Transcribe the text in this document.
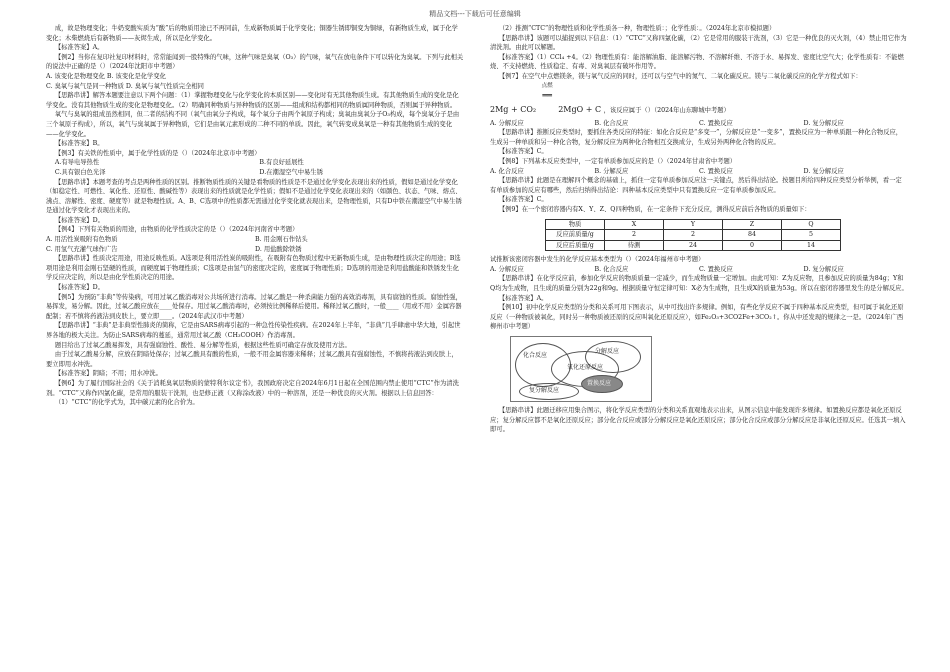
精品文档---下载后可任意编辑

成，故是物理变化；牛奶变酸实质为“酸”后的物质用途已不再同前，生成新物质属于化学变化；铜器生锈即铜变为铜绿，有新物质生成，属于化学变化；木柴燃烧后有新物质——灰烬生成，所以是化学变化。

【标准答案】A。

【例2】当你在复印社复印材料时，常常能闻到一股特殊的气味，这种气味是臭氧（O₃）的气味，氧气在放电条件下可以转化为臭氧。下列与此相关的说法中正确的是（）（2024年沈阳市中考题）

A. 该变化是物理变化 B. 该变化是化学变化

C. 臭氧与氧气是同一种物质 D. 臭氧与氧气性质完全相同

【思路串讲】解答本题要注意以下两个问题：（1）掌握物理变化与化学变化的本质区别——变化时有无其他物质生成。有其他物质生成的变化是化学变化。没有其他物质生成的变化是物理变化。（2）明确同种物质与异种物质的区别——组成和结构都相同的物质属同种物质，否则属于异种物质。

氧气与臭氧的组成虽然相同，但二者的结构不同（氧气由氧分子构成，每个氧分子由两个氧原子构成；臭氧由臭氧分子O₃构成，每个臭氧分子是由三个氧原子构成），所以，氧气与臭氧属于异种物质，它们是由氧元素形成的二种不同的单质。因此，氧气转变成臭氧是一种有其他物质生成的变化——化学变化。

【标准答案】B。

【例3】有关铁的性质中，属于化学性质的是（）（2024年北京市中考题）

A.有导电导热性	B.有良好延展性
C.具有银白色光泽	D.在潮湿空气中易生锈

【思路串讲】本题考查的考点是两种性质的区别。推断物质性质的关键是看物质的性质是不是通过化学变化表现出来的性质，假如是通过化学变化（如稳定性、可燃性、氧化性、还原性、酸碱性等）表现出来的性质就是化学性质；假如不是通过化学变化表现出来的（如颜色、状态、气味、熔点、沸点、溶解性、密度、硬度等）就是物理性质。A、B、C选项中的性质都无需通过化学变化就表现出来，是物理性质，只有D中铁在潮湿空气中易生锈是通过化学变化才表现出来的。

【标准答案】D。

【例4】下列有关物质的用途，由物质的化学性质决定的是（）（2024年河南省中考题）

A. 用活性炭吸附有色物质	B. 用金刚石作钻头
C. 用氢气充灌气球作广告	D. 用盐酸除铁锈

【思路串讲】性质决定用途，用途反映性质。A选项是利用活性炭的吸附性，在吸附有色物质过程中无新物质生成，是由物理性质决定的用途；B选项用途是利用金刚石坚硬的性质，而硬度属于物理性质；C选项是由氢气的密度决定的，密度属于物理性质；D选项的用途是利用盐酸能和铁锈发生化学反应决定的，所以是由化学性质决定的用途。

【标准答案】D。

【例5】为预防“非典”等传染病，可用过氧乙酸消毒对公共场所进行消毒。过氧乙酸是一种杀菌能力强的高效消毒剂，具有腐蚀的性质。腐蚀性强，易挥发，易分解。因此，过氧乙酸应放在____处保存。用过氧乙酸消毒时，必须按比例稀释后使用。稀释过氧乙酸时，一般____（用或不用）金属容器配制；若不慎将药液沾到皮肤上，要立即____。（2024年武汉市中考题）

【思路串讲】“非典”是非典型性肺炎的简称，它是由SARS病毒引起的一种急性传染性疾病。在2024年上半年，“非典”几乎肆虐中华大地，引起世界各地的极大关注。为防止SARS病毒的蔓延，通常用过氧乙酸（CH₃COOH）作消毒剂。

题目给出了过氧乙酸易挥发，具有强腐蚀性、酸性、易分解等性质，根据这些性质可确定存放及使用方法。

由于过氧乙酸易分解，应放在阴暗处保存；过氧乙酸具有酸的性质，一般不用金属容器来稀释；过氧乙酸具有强腐蚀性，不慎将药液沾到皮肤上，要立即用水冲洗。

【标准答案】阴暗；不用；用水冲洗。

【例6】为了履行国际社会的《关于消耗臭氧层物质的蒙特利尔议定书》，我国政府决定自2024年6月1日起在全国范围内禁止使用“CTC”作为清洗剂。“CTC”又称作四氯化碳，是常用的服装干洗剂，也是修正液（又称涂改液）中的一种溶剂，还是一种优良的灭火剂。根据以上信息回答：

（1）“CTC”的化学式为，其中碳元素的化合价为。

（2）推测“CTC”的物理性质和化学性质各一种，物理性质：；化学性质：。（2024年北京市模拟题）

【思路串讲】该题可以捕捉到以下信息：（1）“CTC”又称四氯化碳，（2）它是常用的服装干洗剂，（3）它是一种优良的灭火剂，（4）禁止用它作为清洗剂。由此可以解题。

【标准答案】（1）CCl₄ +4。（2）物理性质有：能溶解油脂、能溶解污物、不溶解纤维、不溶于水、易挥发、密度比空气大；化学性质有：不能燃烧、不支持燃烧、性质稳定、有毒、对臭氧层有破坏作用等。

【例7】在空气中点燃镁条，镁与氧气反应的同时，还可以与空气中的氮气、二氧化碳反应。镁与二氧化碳反应的化学方程式如下：

2Mg + CO₂ $^{点燃}$
══ 2MgO + C ，该反应属于（）（2024年山东聊城中考题）

A. 分解反应	B. 化合反应	C. 置换反应	D. 复分解反应

【思路串讲】推断反应类型时，要抓住各类反应的特征：如化合反应是“多变一”，分解反应是“一变多”，置换反应为一种单质跟一种化合物反应，生成另一种单质和另一种化合物，复分解反应为两种化合物相互交换成分，生成另外两种化合物的反应。

【标准答案】C。

【例8】下列基本反应类型中，一定有单质参加反应的是（）（2024年甘肃省中考题）

A. 化合反应	B. 分解反应	C. 置换反应	D. 复分解反应

【思路串讲】此题是在理解四个概念的基础上，抓住一定有单质参加反应这一关键点，然后得出结论。按题目所给四种反应类型分析举例，看一定有单质参加的反应有哪些，然后归纳得出结论：四种基本反应类型中只有置换反应一定有单质参加反应。

【标准答案】C。

【例9】在一个密闭容器内有X、Y、Z、Q四种物质，在一定条件下充分反应，测得反应前后各物质的质量如下：

物质	X	Y	Z	Q
反应前质量/g	2	2	84	5
反应后质量/g	待测	24	0	14

试推断该密闭容器中发生的化学反应基本类型为（）（2024年福州市中考题）

A. 分解反应	B. 化合反应	C. 置换反应	D. 复分解反应

【思路串讲】在化学反应前，参加化学反应的物质质量一定减少，而生成物质量一定增加。由此可知：Z为反应物，且参加反应的质量为84g；Y和Q均为生成物，且生成的质量分别为22g和9g。根据质量守恒定律可知：X必为生成物，且生成X的质量为53g。所以在密闭容器里发生的是分解反应。

【标准答案】A。

【例10】初中化学反应类型的分类和关系可用下图表示，从中可找出许多规律。例如，有些化学反应不属于四种基本反应类型，但可属于氧化还原反应（一种物质被氧化，同时另一种物质被还原的反应叫氧化还原反应），如Fe₂O₃+3CO2Fe+3CO₂↑。你从中还发现的规律之一是。（2024年广西柳州市中考题）

化合反应
分解反应
氧化还原反应
复分解反应
置换反应

【思路串讲】此题迁移应用集合图示，将化学反应类型的分类和关系直观地表示出来，从图示信息中能发现许多规律。如置换反应都是氧化还原反应；复分解反应都不是氧化还原反应；部分化合反应或部分分解反应是氧化还原反应；部分化合反应或部分分解反应是非氧化还原反应。任选其一填入即可。
